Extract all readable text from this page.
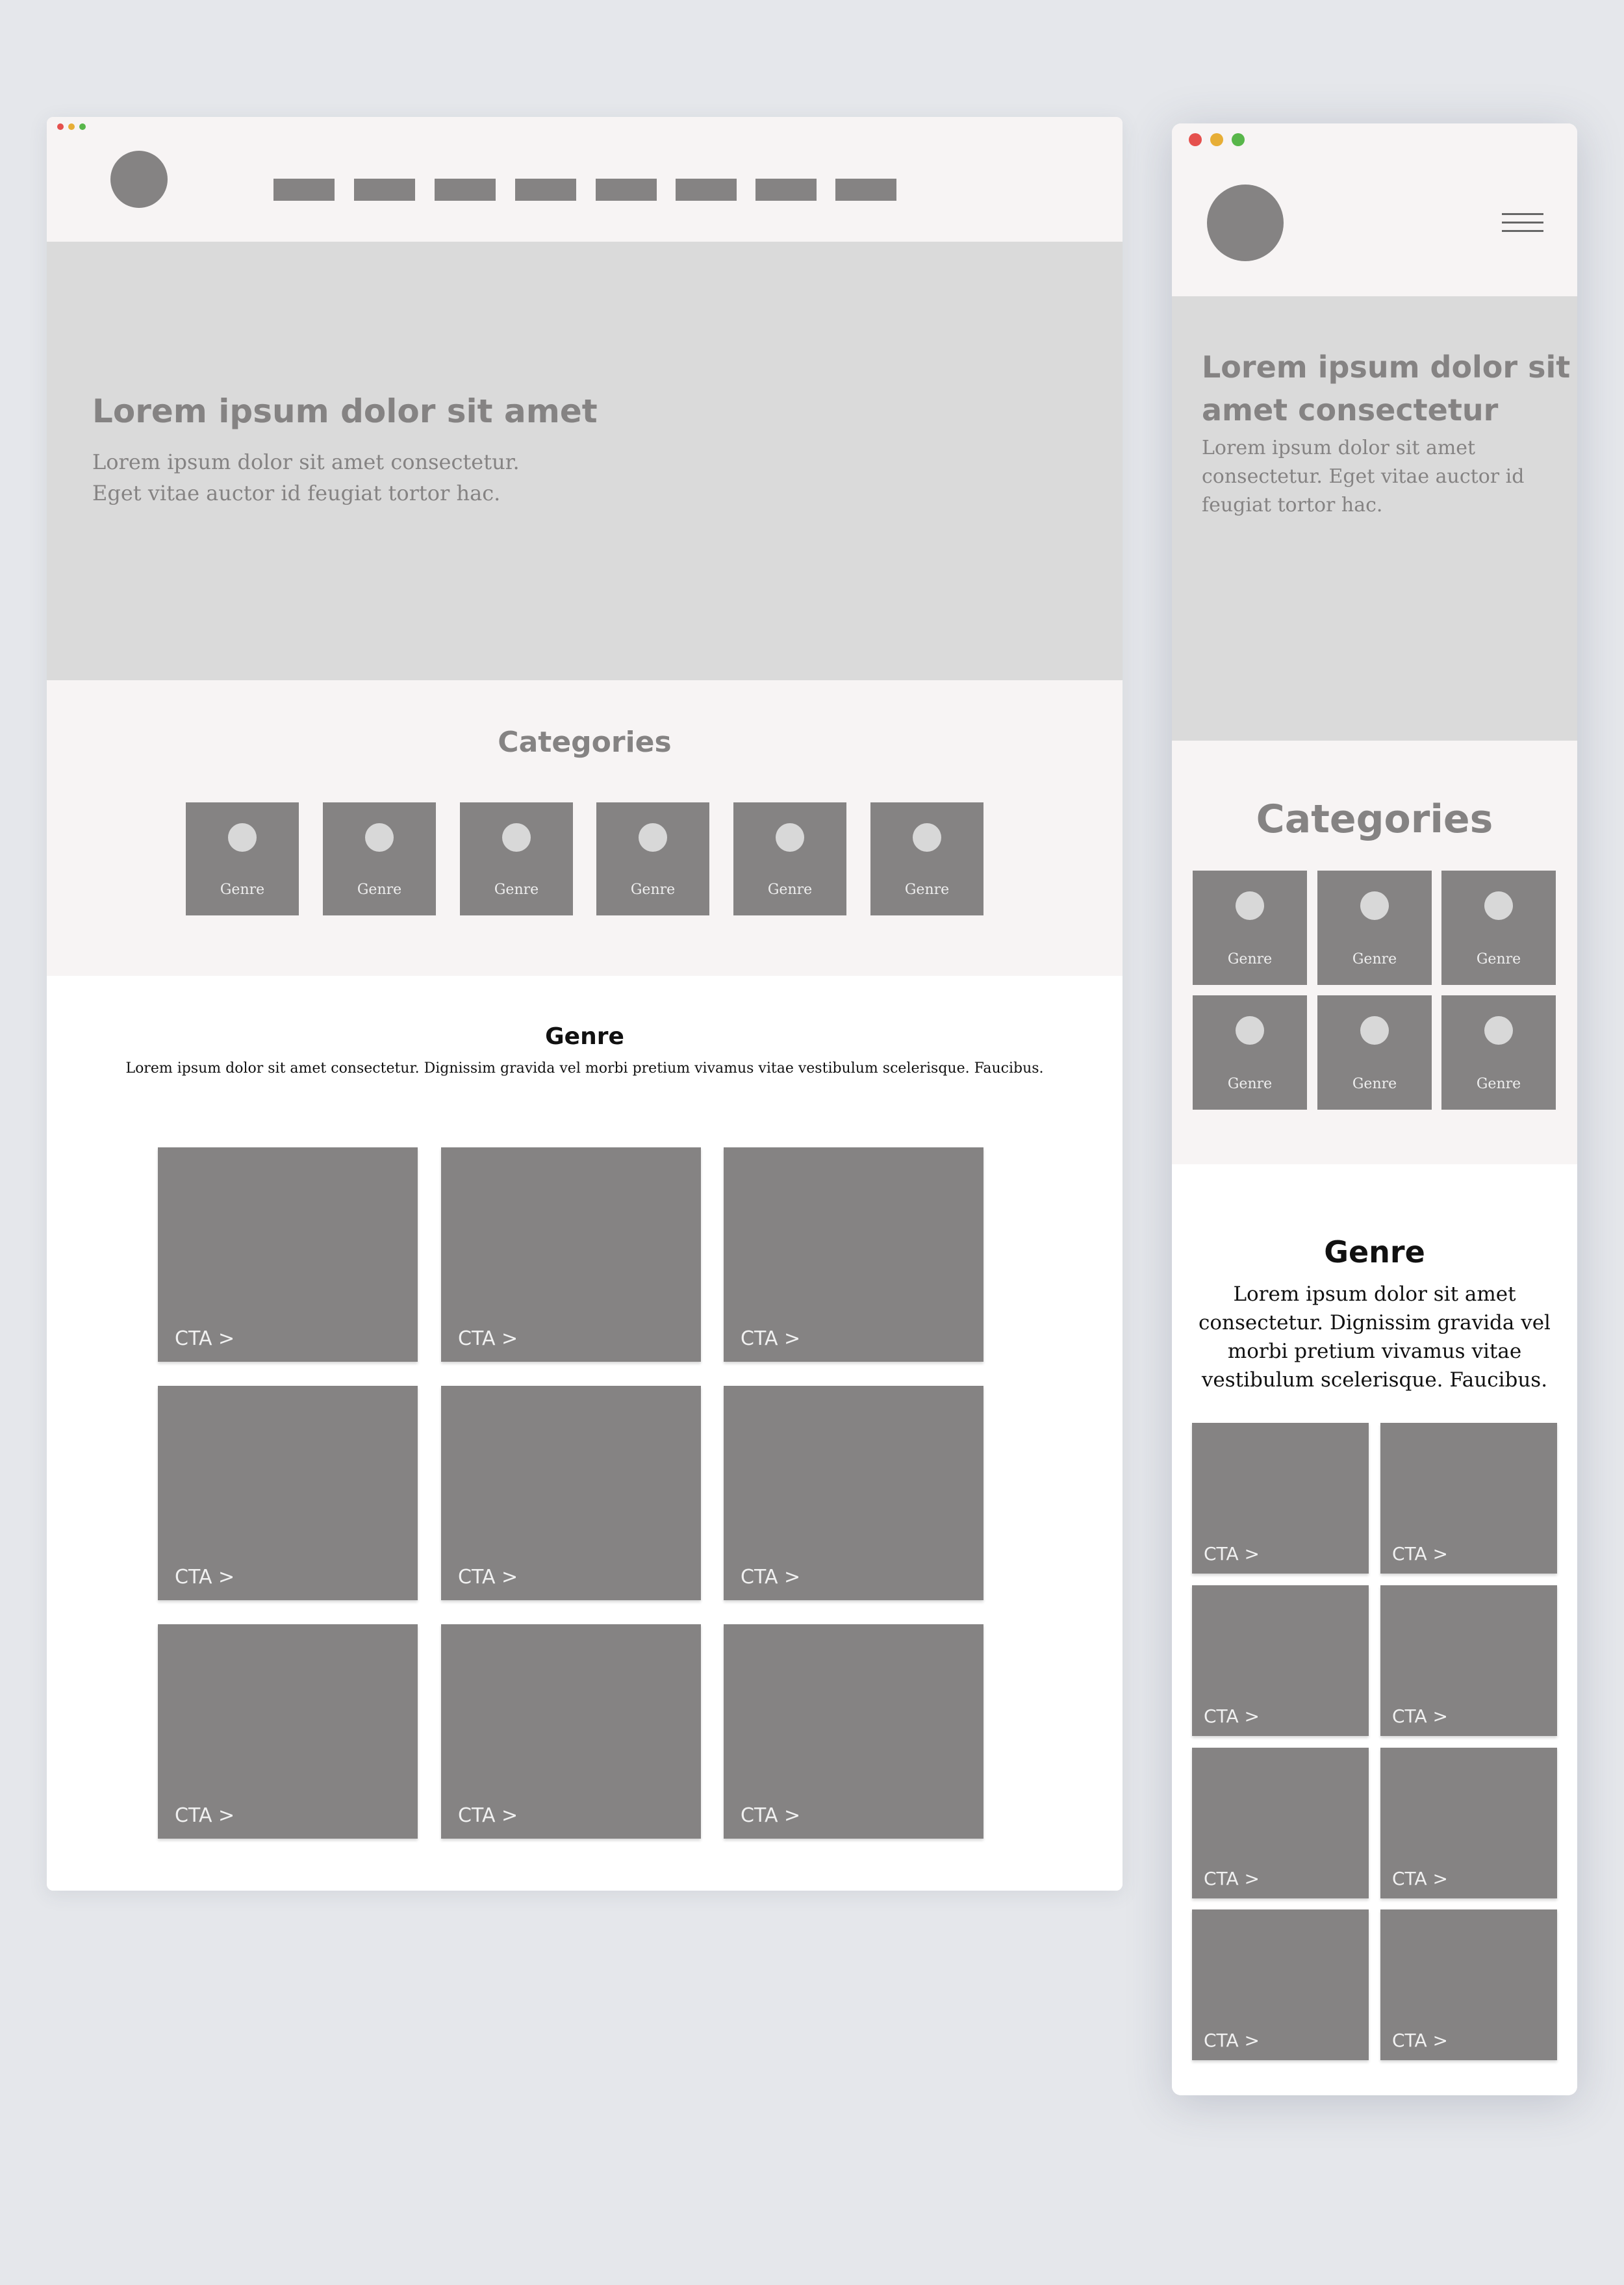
Lorem ipsum dolor sit amet

Lorem ipsum dolor sit amet consectetur.
Eget vitae auctor id feugiat tortor hac.

Categories
Genre	Genre	Genre	Genre	Genre	Genre
Genre

Lorem ipsum dolor sit amet consectetur. Dignissim gravida vel morbi pretium vivamus vitae vestibulum scelerisque. Faucibus.

CTA >	CTA >	CTA >
CTA >	CTA >	CTA >
CTA >	CTA >	CTA >
Lorem ipsum dolor sit
amet consectetur

Lorem ipsum dolor sit amet
consectetur. Eget vitae auctor id
feugiat tortor hac.

Categories
Genre	Genre	Genre
Genre	Genre	Genre
Genre

Lorem ipsum dolor sit amet
consectetur. Dignissim gravida vel
morbi pretium vivamus vitae
vestibulum scelerisque. Faucibus.

CTA >	CTA >
CTA >	CTA >
CTA >	CTA >
CTA >	CTA >
